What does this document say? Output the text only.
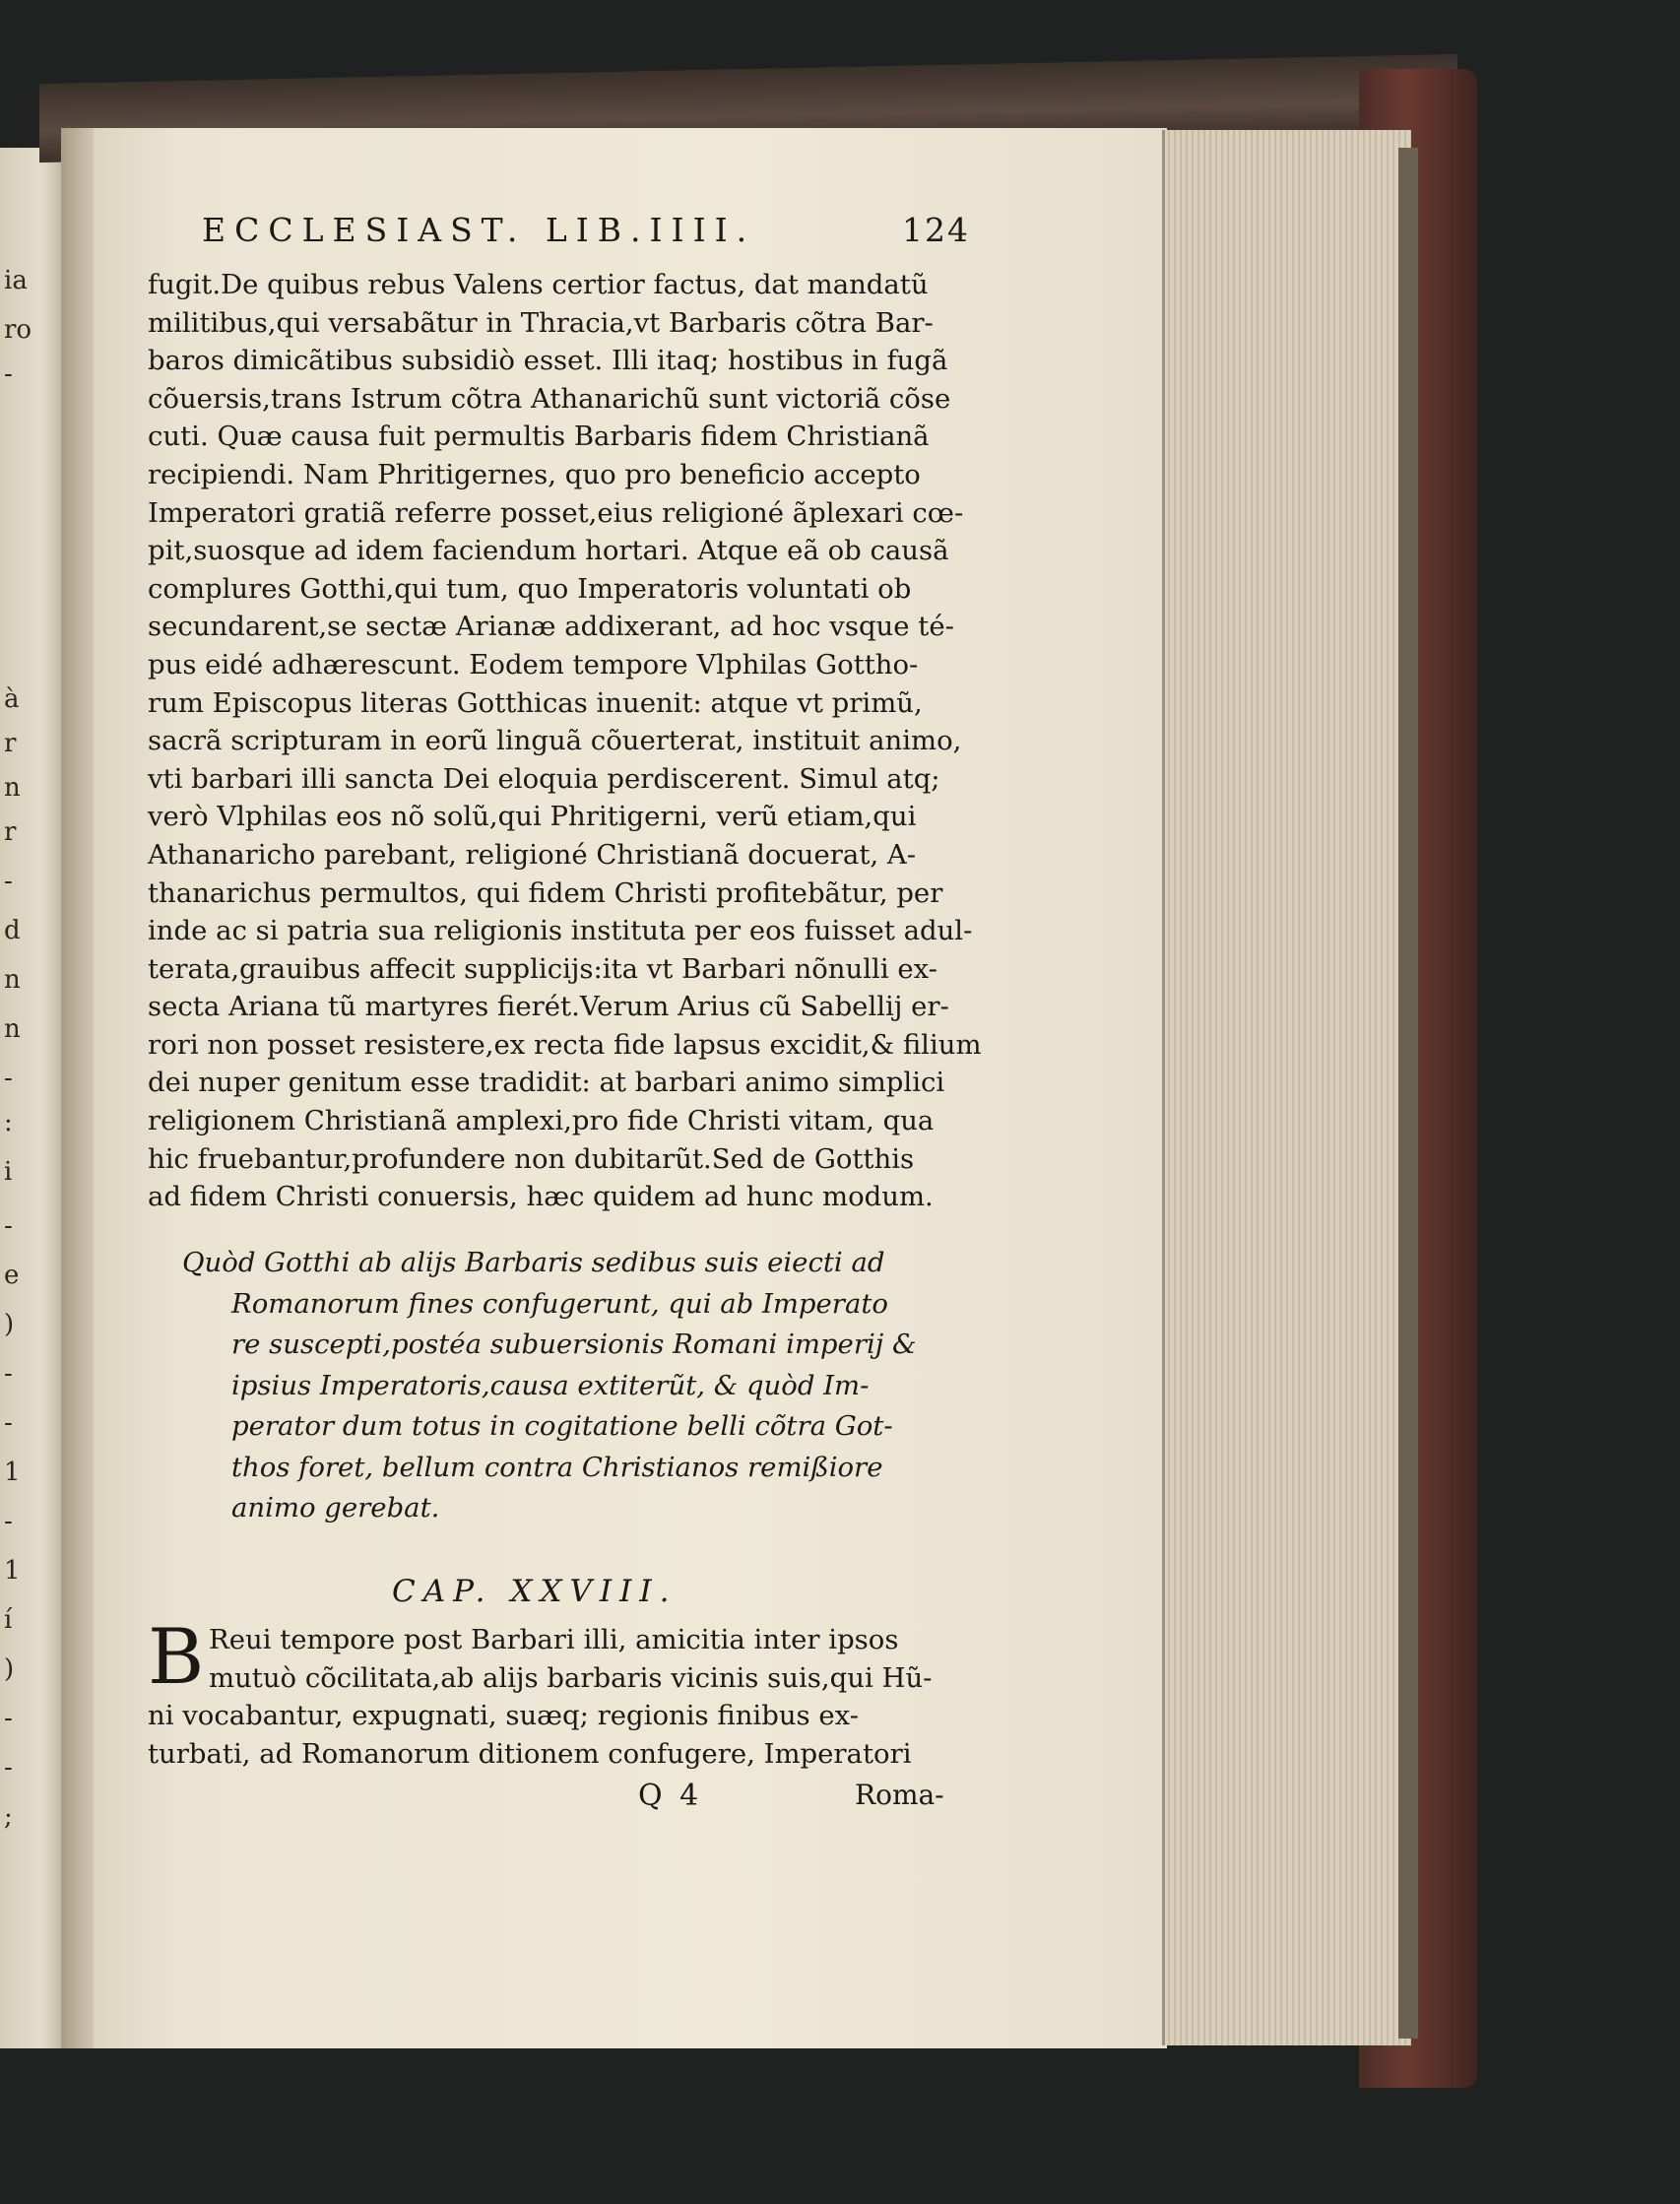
ia
ro
-
à
r
n
r
-
d
n
n
-
:
i
-
e
)
-
-
1
-
1
í
)
-
-
;
ECCLESIAST. LIB.IIII.	124
fugit.De quibus rebus Valens certior factus, dat mandatũ
militibus,qui versabãtur in Thracia,vt Barbaris cõtra Bar-
baros dimicãtibus subsidiò esset. Illi itaq; hostibus in fugã
cõuersis,trans Istrum cõtra Athanarichũ sunt victoriã cõse
cuti. Quæ causa fuit permultis Barbaris fidem Christianã
recipiendi. Nam Phritigernes, quo pro beneficio accepto
Imperatori gratiã referre posset,eius religioné ãplexari cœ-
pit,suosque ad idem faciendum hortari. Atque eã ob causã
complures Gotthi,qui tum, quo Imperatoris voluntati ob
secundarent,se sectæ Arianæ addixerant, ad hoc vsque té-
pus eidé adhærescunt. Eodem tempore Vlphilas Gottho-
rum Episcopus literas Gotthicas inuenit: atque vt primũ,
sacrã scripturam in eorũ linguã cõuerterat, instituit animo,
vti barbari illi sancta Dei eloquia perdiscerent. Simul atq;
verò Vlphilas eos nõ solũ,qui Phritigerni, verũ etiam,qui
Athanaricho parebant, religioné Christianã docuerat, A-
thanarichus permultos, qui fidem Christi profitebãtur, per
inde ac si patria sua religionis instituta per eos fuisset adul-
terata,grauibus affecit supplicijs:ita vt Barbari nõnulli ex-
secta Ariana tũ martyres fierét.Verum Arius cũ Sabellij er-
rori non posset resistere,ex recta fide lapsus excidit,& filium
dei nuper genitum esse tradidit: at barbari animo simplici
religionem Christianã amplexi,pro fide Christi vitam, qua
hic fruebantur,profundere non dubitarũt.Sed de Gotthis
ad fidem Christi conuersis, hæc quidem ad hunc modum.
Quòd Gotthi ab alijs Barbaris sedibus suis eiecti ad
Romanorum fines confugerunt, qui ab Imperato
re suscepti,postéa subuersionis Romani imperij &
ipsius Imperatoris,causa extiterũt, & quòd Im-
perator dum totus in cogitatione belli cõtra Got-
thos foret, bellum contra Christianos remißiore
animo gerebat.
CAP. XXVIII.
B Reui tempore post Barbari illi, amicitia inter ipsos
mutuò cõcilitata,ab alijs barbaris vicinis suis,qui Hũ-
ni vocabantur, expugnati, suæq; regionis finibus ex-
turbati, ad Romanorum ditionem confugere, Imperatori
Q 4	Roma-
